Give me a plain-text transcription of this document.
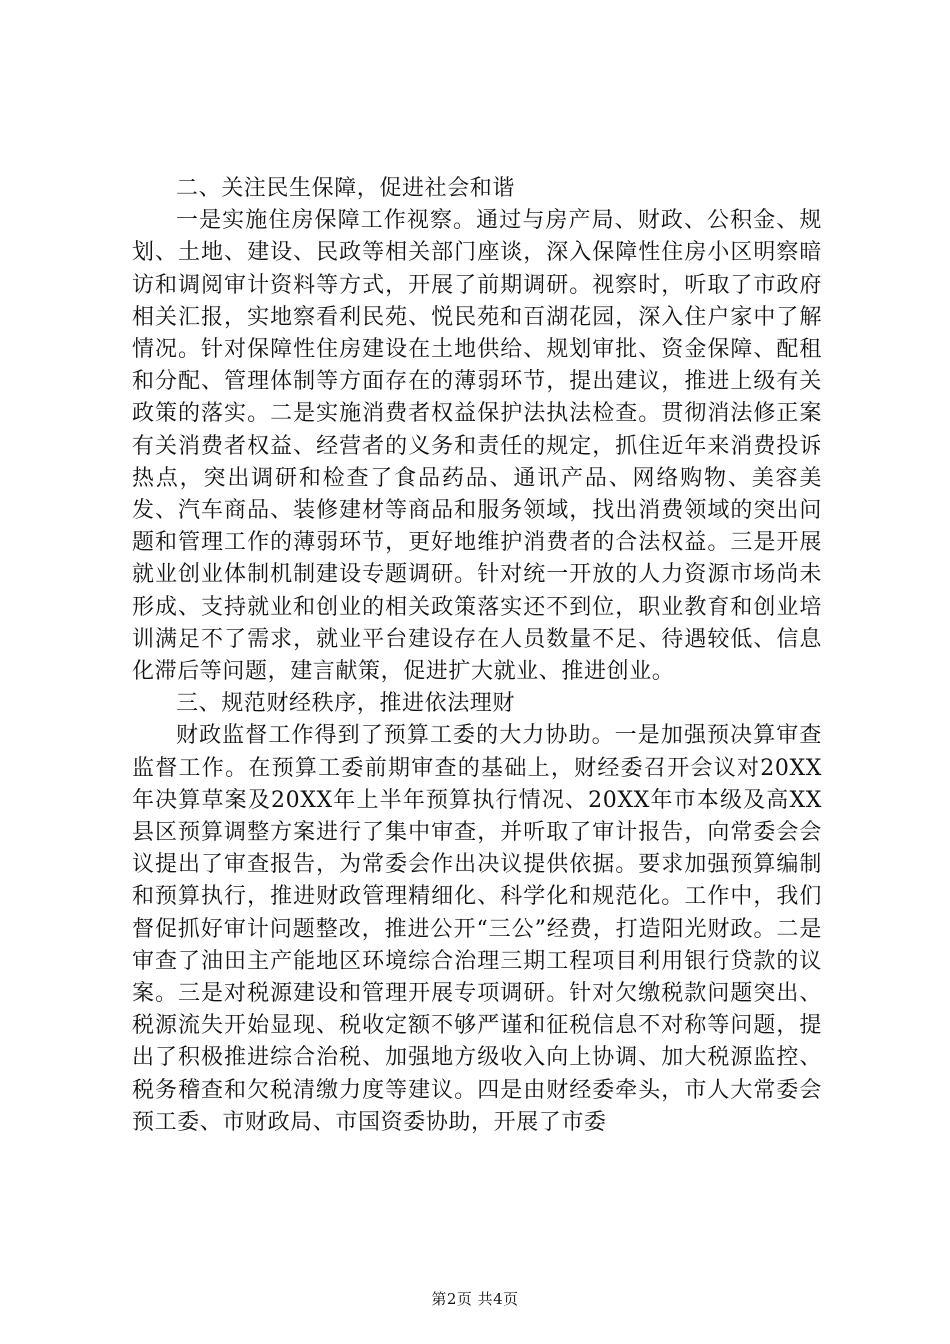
二、关注民生保障，促进社会和谐

一是实施住房保障工作视察。通过与房产局、财政、公积金、规划、土地、建设、民政等相关部门座谈，深入保障性住房小区明察暗访和调阅审计资料等方式，开展了前期调研。视察时，听取了市政府相关汇报，实地察看利民苑、悦民苑和百湖花园，深入住户家中了解情况。针对保障性住房建设在土地供给、规划审批、资金保障、配租和分配、管理体制等方面存在的薄弱环节，提出建议，推进上级有关政策的落实。二是实施消费者权益保护法执法检查。贯彻消法修正案有关消费者权益、经营者的义务和责任的规定，抓住近年来消费投诉热点，突出调研和检查了食品药品、通讯产品、网络购物、美容美发、汽车商品、装修建材等商品和服务领域，找出消费领域的突出问题和管理工作的薄弱环节，更好地维护消费者的合法权益。三是开展就业创业体制机制建设专题调研。针对统一开放的人力资源市场尚未形成、支持就业和创业的相关政策落实还不到位，职业教育和创业培训满足不了需求，就业平台建设存在人员数量不足、待遇较低、信息化滞后等问题，建言献策，促进扩大就业、推进创业。

三、规范财经秩序，推进依法理财

财政监督工作得到了预算工委的大力协助。一是加强预决算审查监督工作。在预算工委前期审查的基础上，财经委召开会议对20XX年决算草案及20XX年上半年预算执行情况、20XX年市本级及高XX县区预算调整方案进行了集中审查，并听取了审计报告，向常委会会议提出了审查报告，为常委会作出决议提供依据。要求加强预算编制和预算执行，推进财政管理精细化、科学化和规范化。工作中，我们督促抓好审计问题整改，推进公开“三公”经费，打造阳光财政。二是审查了油田主产能地区环境综合治理三期工程项目利用银行贷款的议案。三是对税源建设和管理开展专项调研。针对欠缴税款问题突出、税源流失开始显现、税收定额不够严谨和征税信息不对称等问题，提出了积极推进综合治税、加强地方级收入向上协调、加大税源监控、税务稽查和欠税清缴力度等建议。四是由财经委牵头，市人大常委会预工委、市财政局、市国资委协助，开展了市委

第2页 共4页
